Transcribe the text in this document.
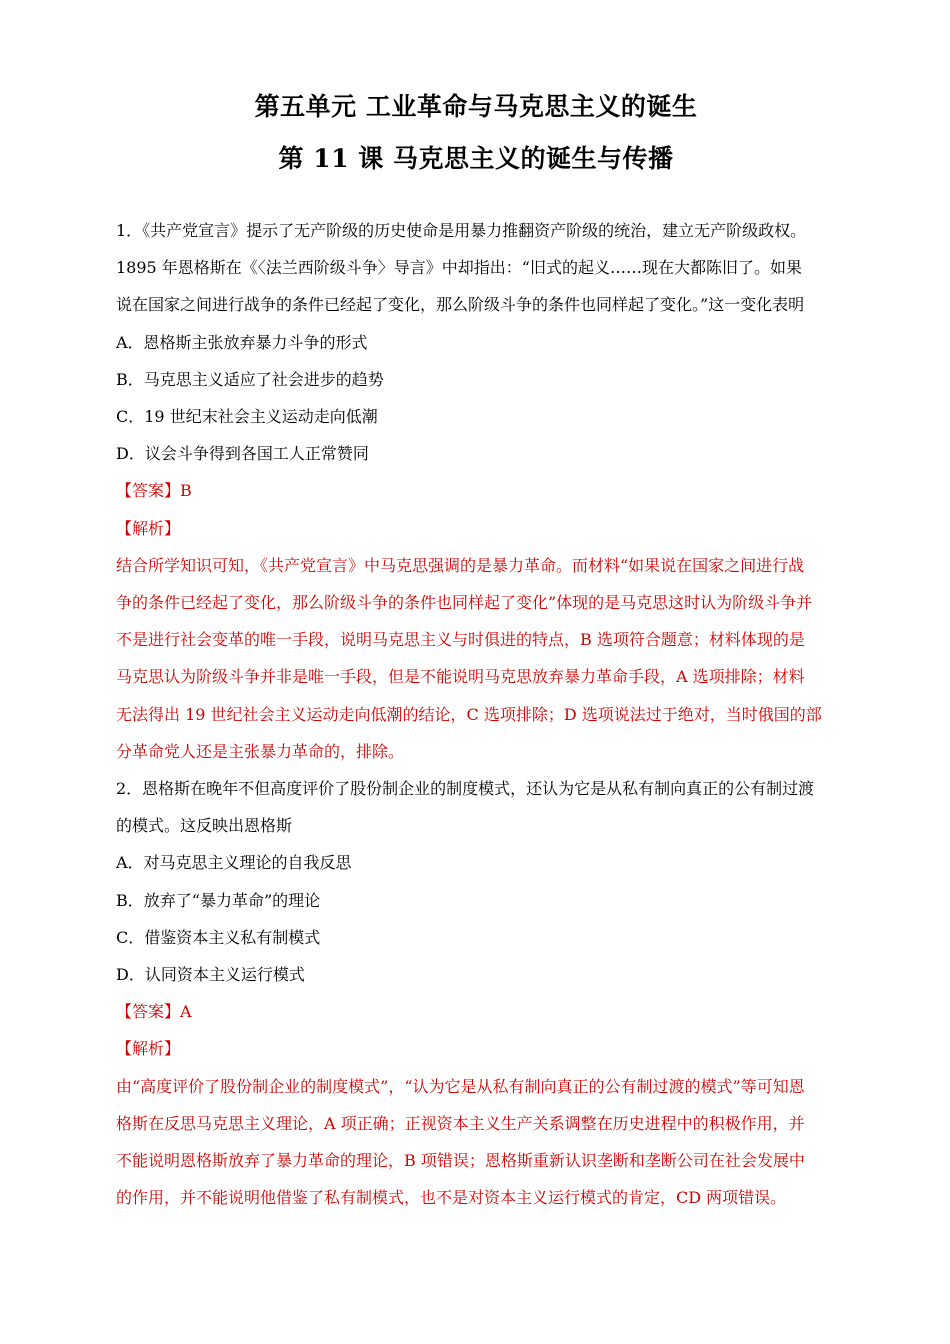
第五单元 工业革命与马克思主义的诞生
第 11 课 马克思主义的诞生与传播

1．《共产党宣言》提示了无产阶级的历史使命是用暴力推翻资产阶级的统治，建立无产阶级政权。

1895 年恩格斯在《〈法兰西阶级斗争〉导言》中却指出：“旧式的起义……现在大都陈旧了。如果

说在国家之间进行战争的条件已经起了变化，那么阶级斗争的条件也同样起了变化。”这一变化表明

A．恩格斯主张放弃暴力斗争的形式

B．马克思主义适应了社会进步的趋势

C．19 世纪末社会主义运动走向低潮

D．议会斗争得到各国工人正常赞同

【答案】B

【解析】

结合所学知识可知，《共产党宣言》中马克思强调的是暴力革命。而材料“如果说在国家之间进行战

争的条件已经起了变化，那么阶级斗争的条件也同样起了变化”体现的是马克思这时认为阶级斗争并

不是进行社会变革的唯一手段，说明马克思主义与时俱进的特点，B 选项符合题意；材料体现的是

马克思认为阶级斗争并非是唯一手段，但是不能说明马克思放弃暴力革命手段，A 选项排除；材料

无法得出 19 世纪社会主义运动走向低潮的结论，C 选项排除；D 选项说法过于绝对，当时俄国的部

分革命党人还是主张暴力革命的，排除。

2．恩格斯在晚年不但高度评价了股份制企业的制度模式，还认为它是从私有制向真正的公有制过渡

的模式。这反映出恩格斯

A．对马克思主义理论的自我反思

B．放弃了“暴力革命”的理论

C．借鉴资本主义私有制模式

D．认同资本主义运行模式

【答案】A

【解析】

由“高度评价了股份制企业的制度模式”，“认为它是从私有制向真正的公有制过渡的模式”等可知恩

格斯在反思马克思主义理论，A 项正确；正视资本主义生产关系调整在历史进程中的积极作用，并

不能说明恩格斯放弃了暴力革命的理论，B 项错误；恩格斯重新认识垄断和垄断公司在社会发展中

的作用，并不能说明他借鉴了私有制模式，也不是对资本主义运行模式的肯定，CD 两项错误。
